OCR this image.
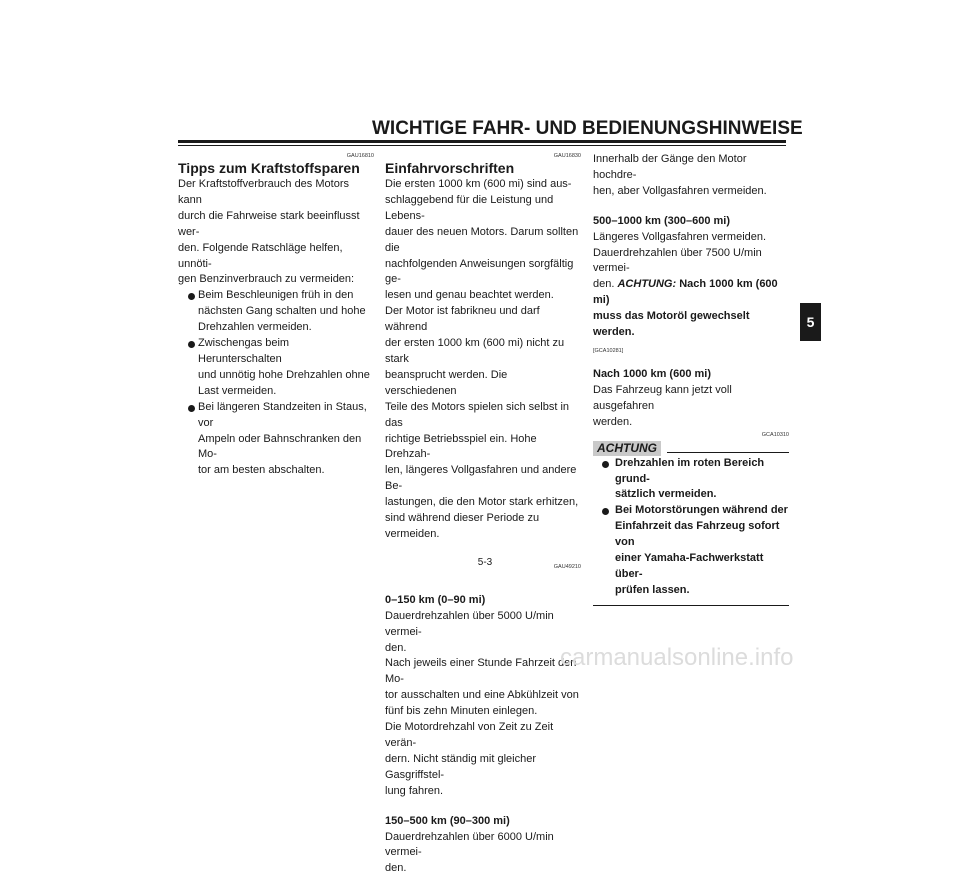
WICHTIGE FAHR- UND BEDIENUNGSHINWEISE
5
GAU16810
Tipps zum Kraftstoffsparen

Der Kraftstoffverbrauch des Motors kann
durch die Fahrweise stark beeinflusst wer-
den. Folgende Ratschläge helfen, unnöti-
gen Benzinverbrauch zu vermeiden:

Beim Beschleunigen früh in den
nächsten Gang schalten und hohe
Drehzahlen vermeiden.
Zwischengas beim Herunterschalten
und unnötig hohe Drehzahlen ohne
Last vermeiden.
Bei längeren Standzeiten in Staus, vor
Ampeln oder Bahnschranken den Mo-
tor am besten abschalten.
GAU16830
Einfahrvorschriften

Die ersten 1000 km (600 mi) sind aus-
schlaggebend für die Leistung und Lebens-
dauer des neuen Motors. Darum sollten die
nachfolgenden Anweisungen sorgfältig ge-
lesen und genau beachtet werden.
Der Motor ist fabrikneu und darf während
der ersten 1000 km (600 mi) nicht zu stark
beansprucht werden. Die verschiedenen
Teile des Motors spielen sich selbst in das
richtige Betriebsspiel ein. Hohe Drehzah-
len, längeres Vollgasfahren und andere Be-
lastungen, die den Motor stark erhitzen,
sind während dieser Periode zu vermeiden.

GAU49210
0–150 km (0–90 mi)

Dauerdrehzahlen über 5000 U/min vermei-
den.
Nach jeweils einer Stunde Fahrzeit den Mo-
tor ausschalten und eine Abkühlzeit von
fünf bis zehn Minuten einlegen.
Die Motordrehzahl von Zeit zu Zeit verän-
dern. Nicht ständig mit gleicher Gasgriffstel-
lung fahren.

150–500 km (90–300 mi)

Dauerdrehzahlen über 6000 U/min vermei-
den.

Innerhalb der Gänge den Motor hochdre-
hen, aber Vollgasfahren vermeiden.

500–1000 km (300–600 mi)

Längeres Vollgasfahren vermeiden.
Dauerdrehzahlen über 7500 U/min vermei-
den. ACHTUNG: Nach 1000 km (600 mi)
muss das Motoröl gewechselt werden.

[GCA10281]
Nach 1000 km (600 mi)

Das Fahrzeug kann jetzt voll ausgefahren
werden.

GCA10310
ACHTUNG
Drehzahlen im roten Bereich grund-
sätzlich vermeiden.
Bei Motorstörungen während der
Einfahrzeit das Fahrzeug sofort von
einer Yamaha-Fachwerkstatt über-
prüfen lassen.
5-3
carmanualsonline.info
